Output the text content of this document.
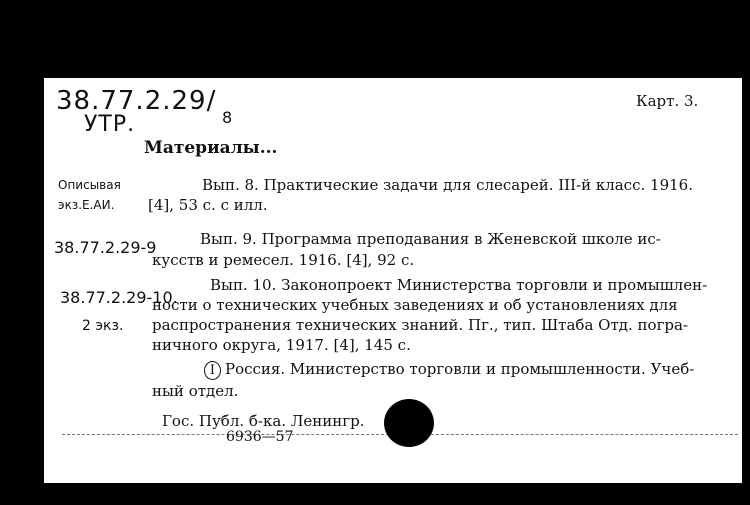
38.77.2.29/
УТР.	8
Карт. 3.
Материалы...
Описывая
экз.Е.АИ.
Вып. 8. Практические задачи для слесарей. III-й класс. 1916.
[4], 53 с. с илл.
38.77.2.29-9	Вып. 9. Программа преподавания в Женевской школе ис-
кусств и ремесел. 1916. [4], 92 с.
38.77.2.29-10.
2 экз.
Вып. 10. Законопроект Министерства торговли и промышлен-
ности о технических учебных заведениях и об установлениях для
распространения технических знаний. Пг., тип. Штаба Отд. погра-
ничного округа, 1917. [4], 145 с.
I Россия. Министерство торговли и промышленности. Учеб-
ный отдел.
Гос. Публ. б-ка. Ленингр.
6936—57
